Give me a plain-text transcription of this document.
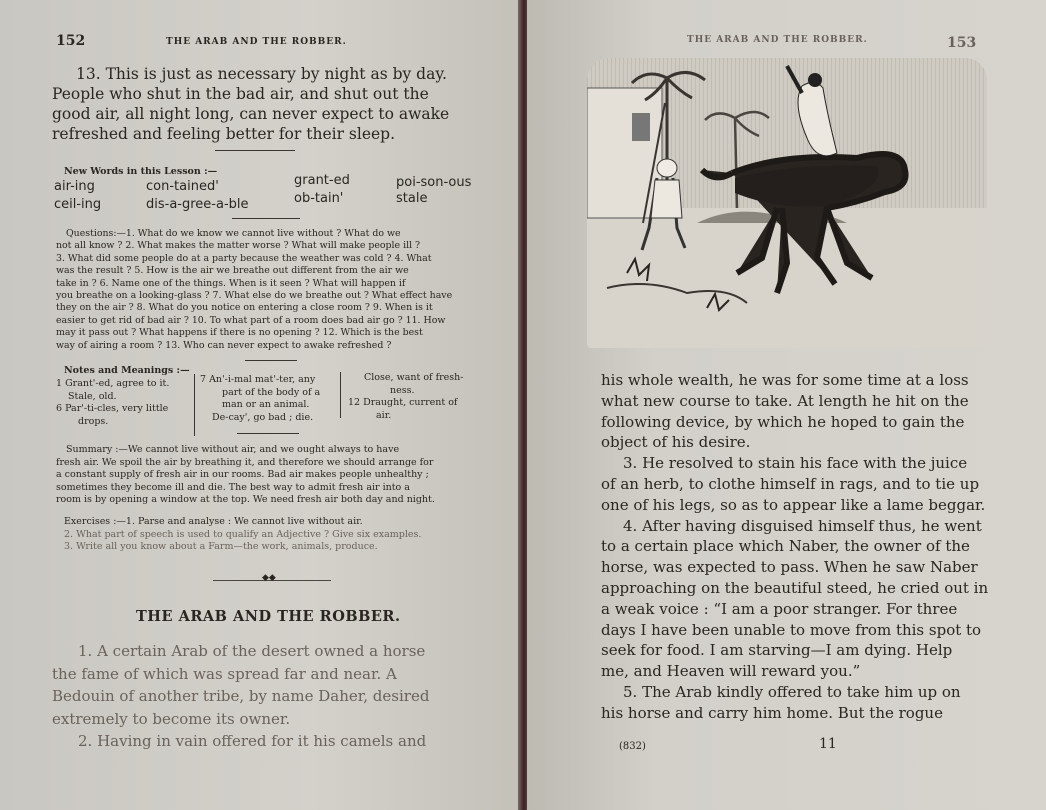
152	THE ARAB AND THE ROBBER.
13. This is just as necessary by night as by day.
People who shut in the bad air, and shut out the
good air, all night long, can never expect to awake
refreshed and feeling better for their sleep.
New Words in this Lesson :—
air-ing	con-tained'	grant-ed	poi-son-ous
ceil-ing	dis-a-gree-a-ble	ob-tain'	stale
Questions:—1. What do we know we cannot live without ? What do we
not all know ? 2. What makes the matter worse ? What will make people ill ?
3. What did some people do at a party because the weather was cold ? 4. What
was the result ? 5. How is the air we breathe out different from the air we
take in ? 6. Name one of the things. When is it seen ? What will happen if
you breathe on a looking-glass ? 7. What else do we breathe out ? What effect have
they on the air ? 8. What do you notice on entering a close room ? 9. When is it
easier to get rid of bad air ? 10. To what part of a room does bad air go ? 11. How
may it pass out ? What happens if there is no opening ? 12. Which is the best
way of airing a room ? 13. Who can never expect to awake refreshed ?
Notes and Meanings :—
1 Grant'-ed, agree to it.
Stale, old.
6 Par'-ti-cles, very little
drops.
7 An'-i-mal mat'-ter, any
part of the body of a
man or an animal.
De-cay', go bad ; die.
Close, want of fresh-
ness.
12 Draught, current of
air.
Summary :—We cannot live without air, and we ought always to have
fresh air. We spoil the air by breathing it, and therefore we should arrange for
a constant supply of fresh air in our rooms. Bad air makes people unhealthy ;
sometimes they become ill and die. The best way to admit fresh air into a
room is by opening a window at the top. We need fresh air both day and night.
Exercises :—1. Parse and analyse : We cannot live without air.
2. What part of speech is used to qualify an Adjective ? Give six examples.
3. Write all you know about a Farm—the work, animals, produce.
◆◆
THE ARAB AND THE ROBBER.
1. A certain Arab of the desert owned a horse
the fame of which was spread far and near. A
Bedouin of another tribe, by name Daher, desired
extremely to become its owner.
2. Having in vain offered for it his camels and
THE ARAB AND THE ROBBER.	153
his whole wealth, he was for some time at a loss
what new course to take. At length he hit on the
following device, by which he hoped to gain the
object of his desire.
3. He resolved to stain his face with the juice
of an herb, to clothe himself in rags, and to tie up
one of his legs, so as to appear like a lame beggar.
4. After having disguised himself thus, he went
to a certain place which Naber, the owner of the
horse, was expected to pass. When he saw Naber
approaching on the beautiful steed, he cried out in
a weak voice : “I am a poor stranger. For three
days I have been unable to move from this spot to
seek for food. I am starving—I am dying. Help
me, and Heaven will reward you.”
5. The Arab kindly offered to take him up on
his horse and carry him home. But the rogue
(832)	11
